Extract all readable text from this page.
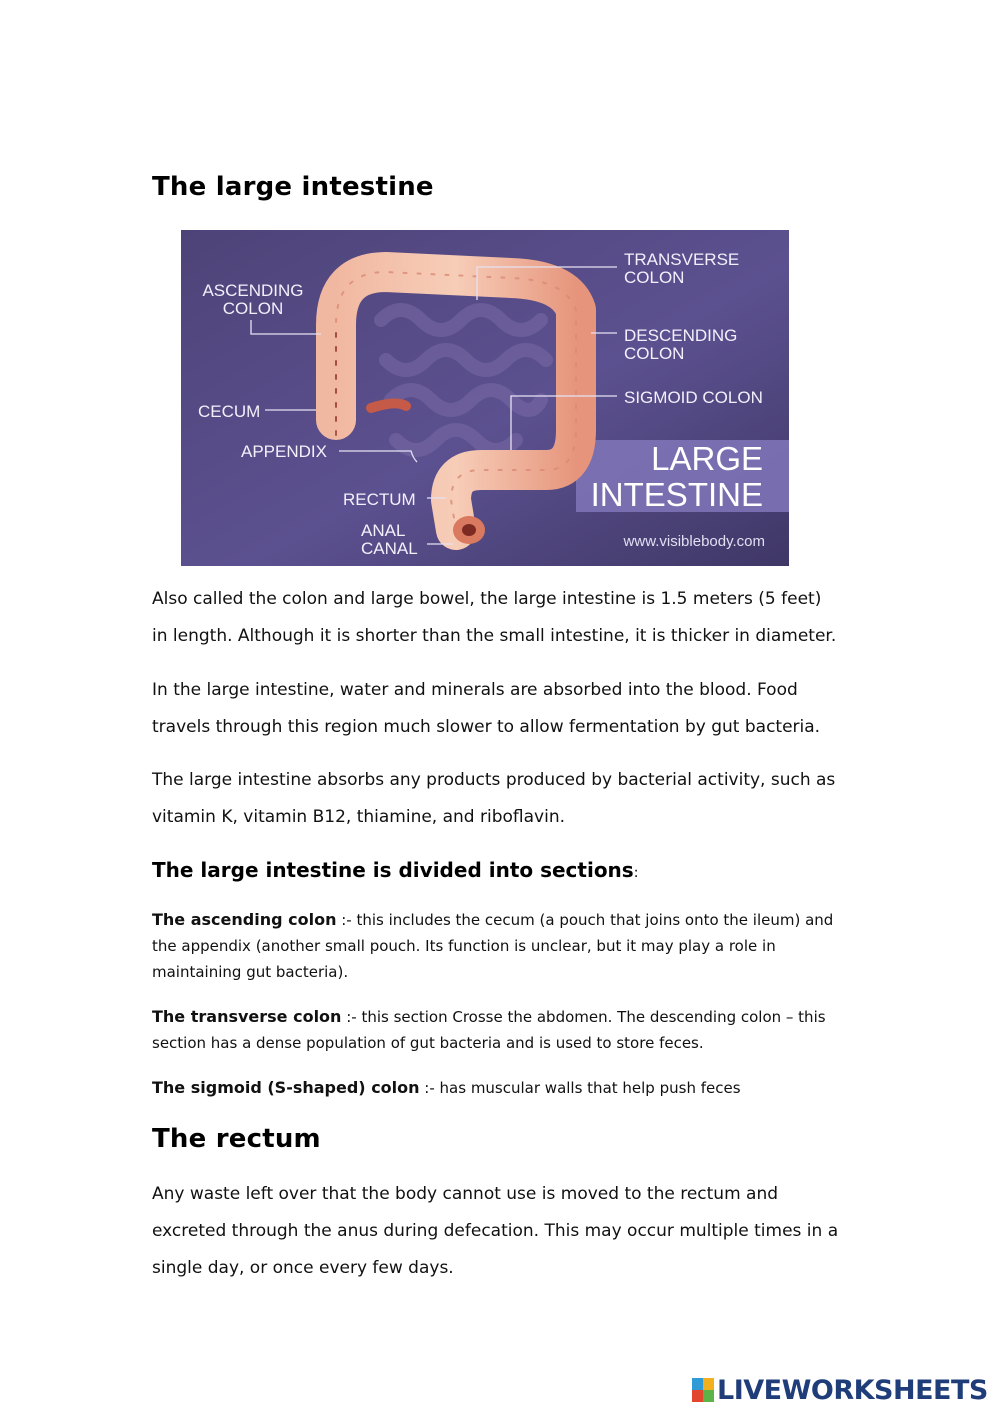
The large intestine
ASCENDING
COLON
CECUM
APPENDIX
RECTUM
ANAL
CANAL
TRANSVERSE
COLON
DESCENDING
COLON
SIGMOID COLON
LARGE
INTESTINE
www.visiblebody.com

Also called the colon and large bowel, the large intestine is 1.5 meters (5 feet) in length. Although it is shorter than the small intestine, it is thicker in diameter.

In the large intestine, water and minerals are absorbed into the blood. Food travels through this region much slower to allow fermentation by gut bacteria.

The large intestine absorbs any products produced by bacterial activity, such as vitamin K, vitamin B12, thiamine, and riboflavin.

The large intestine is divided into sections:

The ascending colon :- this includes the cecum (a pouch that joins onto the ileum) and the appendix (another small pouch. Its function is unclear, but it may play a role in maintaining gut bacteria).

The transverse colon :- this section Crosse the abdomen. The descending colon – this section has a dense population of gut bacteria and is used to store feces.

The sigmoid (S-shaped) colon :- has muscular walls that help push feces

The rectum

Any waste left over that the body cannot use is moved to the rectum and excreted through the anus during defecation. This may occur multiple times in a single day, or once every few days.

LIVEWORKSHEETS
